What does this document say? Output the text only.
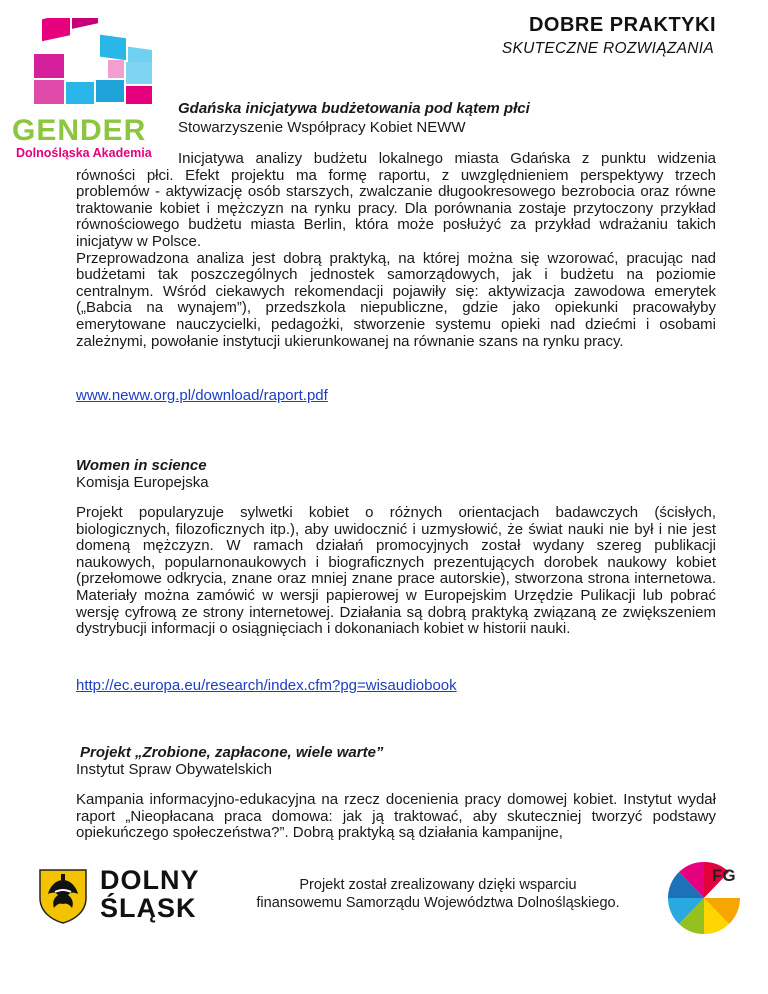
DOBRE PRAKTYKI
SKUTECZNE ROZWIĄZANIA
GENDER
Dolnośląska Akademia
Gdańska inicjatywa budżetowania pod kątem płci
Stowarzyszenie Współpracy Kobiet NEWW

Inicjatywa analizy budżetu lokalnego miasta Gdańska z punktu widzenia równości płci. Efekt projektu ma formę raportu, z uwzględnieniem perspektywy trzech problemów - aktywizację osób starszych, zwalczanie długookresowego bezrobocia oraz równe traktowanie kobiet i mężczyzn na rynku pracy. Dla porównania zostaje przytoczony przykład równościowego budżetu miasta Berlin, która może posłużyć za przykład wdrażaniu takich inicjatyw w Polsce.

Przeprowadzona analiza jest dobrą praktyką, na której można się wzorować, pracując nad budżetami tak poszczególnych jednostek samorządowych, jak i budżetu na poziomie centralnym. Wśród ciekawych rekomendacji pojawiły się: aktywizacja zawodowa emerytek („Babcia na wynajem”), przedszkola niepubliczne, gdzie jako opiekunki pracowałyby emerytowane nauczycielki, pedagożki, stworzenie systemu opieki nad dziećmi i osobami zależnymi, powołanie instytucji ukierunkowanej na równanie szans na rynku pracy.

www.neww.org.pl/download/raport.pdf
Women in science
Komisja Europejska

Projekt popularyzuje sylwetki kobiet o różnych orientacjach badawczych (ścisłych, biologicznych, filozoficznych itp.), aby uwidocznić i uzmysłowić, że świat nauki nie był i nie jest domeną mężczyzn. W ramach działań promocyjnych został wydany szereg publikacji naukowych, popularnonaukowych i biograficznych prezentujących dorobek naukowy kobiet (przełomowe odkrycia, znane oraz mniej znane prace autorskie), stworzona strona internetowa. Materiały można zamówić w wersji papierowej w Europejskim Urzędzie Pulikacji lub pobrać wersję cyfrową ze strony internetowej. Działania są dobrą praktyką związaną ze zwiększeniem dystrybucji informacji o osiągnięciach i dokonaniach kobiet w historii nauki.

http://ec.europa.eu/research/index.cfm?pg=wisaudiobook
Projekt „Zrobione, zapłacone, wiele warte”
Instytut Spraw Obywatelskich

Kampania informacyjno-edukacyjna na rzecz docenienia pracy domowej kobiet. Instytut wydał raport „Nieopłacana praca domowa: jak ją traktować, aby skuteczniej tworzyć podstawy opiekuńczego społeczeństwa?”. Dobrą praktyką są działania kampanijne,

DOLNY
ŚLĄSK
Projekt został zrealizowany dzięki wsparciu
finansowemu Samorządu Województwa Dolnośląskiego.
FG
